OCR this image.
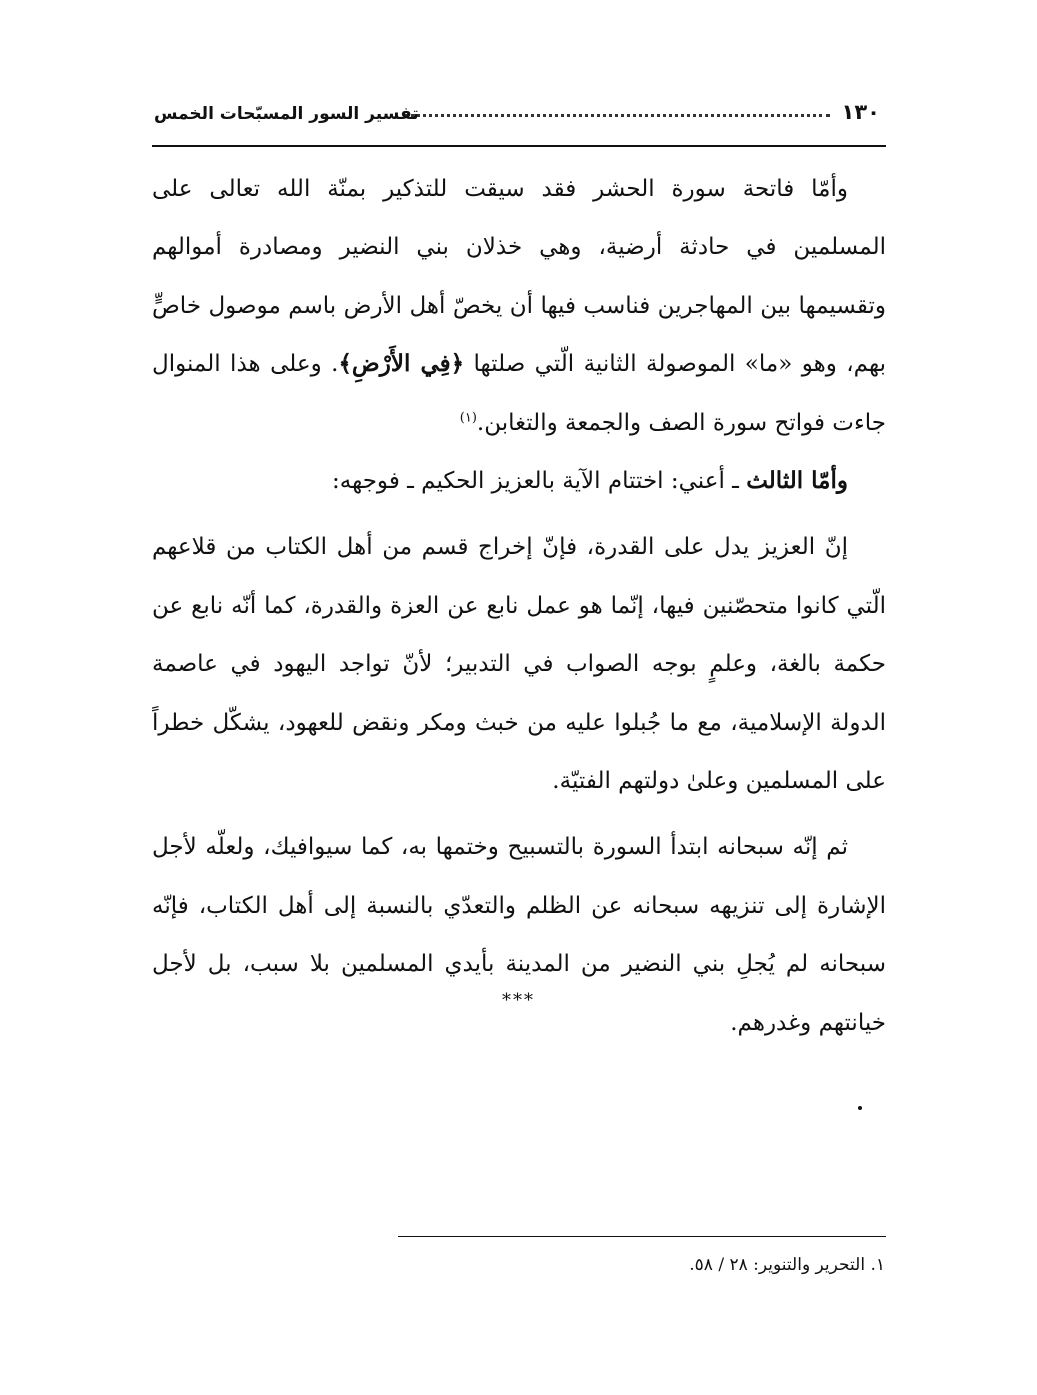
١٣٠
تفسير السور المسبّحات الخمس

وأمّا فاتحة سورة الحشر فقد سيقت للتذكير بمنّة الله تعالى على المسلمين في حادثة أرضية، وهي خذلان بني النضير ومصادرة أموالهم وتقسيمها بين المهاجرين فناسب فيها أن يخصّ أهل الأرض باسم موصول خاصٍّ بهم، وهو «ما» الموصولة الثانية الّتي صلتها ﴿فِي الأَرْضِ﴾. وعلى هذا المنوال جاءت فواتح سورة الصف والجمعة والتغابن.$^{(١)}$

وأمّا الثالث ـ أعني: اختتام الآية بالعزيز الحكيم ـ فوجهه:

إنّ العزيز يدل على القدرة، فإنّ إخراج قسم من أهل الكتاب من قلاعهم الّتي كانوا متحصّنين فيها، إنّما هو عمل نابع عن العزة والقدرة، كما أنّه نابع عن حكمة بالغة، وعلمٍ بوجه الصواب في التدبير؛ لأنّ تواجد اليهود في عاصمة الدولة الإسلامية، مع ما جُبلوا عليه من خبث ومكر ونقض للعهود، يشكّل خطراً على المسلمين وعلىٰ دولتهم الفتيّة.

ثم إنّه سبحانه ابتدأ السورة بالتسبيح وختمها به، كما سيوافيك، ولعلّه لأجل الإشارة إلى تنزيهه سبحانه عن الظلم والتعدّي بالنسبة إلى أهل الكتاب، فإنّه سبحانه لم يُجلِ بني النضير من المدينة بأيدي المسلمين بلا سبب، بل لأجل خيانتهم وغدرهم.

***
١. التحرير والتنوير: ٢٨ / ٥٨.
